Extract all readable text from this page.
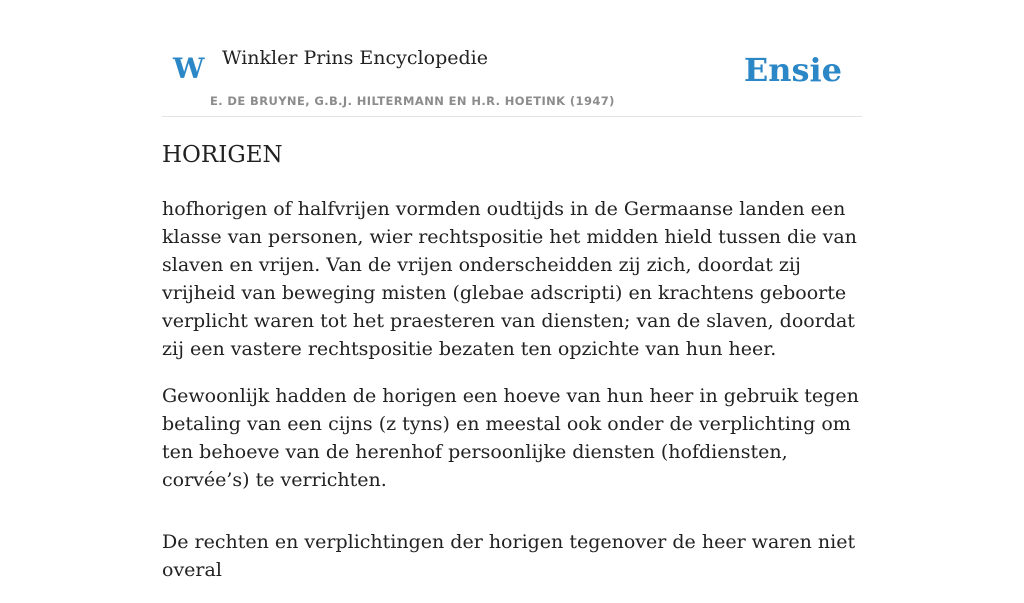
W Winkler Prins Encyclopedie
E. DE BRUYNE, G.B.J. HILTERMANN EN H.R. HOETINK (1947)
Ensie
HORIGEN

hofhorigen of halfvrijen vormden oudtijds in de Germaanse landen een klasse van personen, wier rechtspositie het midden hield tussen die van slaven en vrijen. Van de vrijen onderscheidden zij zich, doordat zij vrijheid van beweging misten (glebae adscripti) en krachtens geboorte verplicht waren tot het praesteren van diensten; van de slaven, doordat zij een vastere rechtspositie bezaten ten opzichte van hun heer.

Gewoonlijk hadden de horigen een hoeve van hun heer in gebruik tegen betaling van een cijns (z tyns) en meestal ook onder de verplichting om ten behoeve van de herenhof persoonlijke diensten (hofdiensten, corvée’s) te verrichten.

De rechten en verplichtingen der horigen tegenover de heer waren niet overal
